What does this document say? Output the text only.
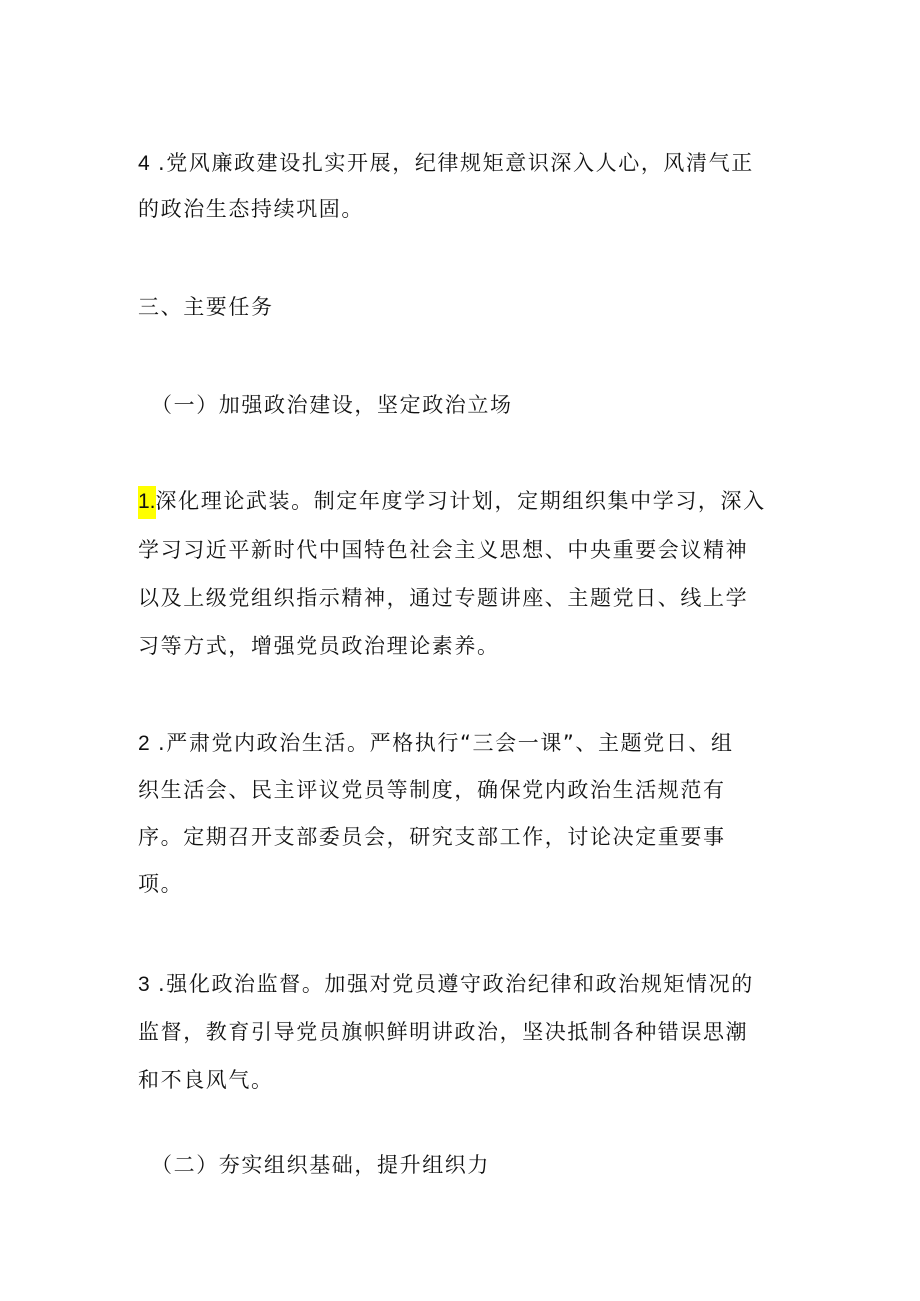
4 .党风廉政建设扎实开展，纪律规矩意识深入人心，风清气正
的政治生态持续巩固。
三、主要任务
（一）加强政治建设，坚定政治立场
1.深化理论武装。制定年度学习计划，定期组织集中学习，深入
学习习近平新时代中国特色社会主义思想、中央重要会议精神
以及上级党组织指示精神，通过专题讲座、主题党日、线上学
习等方式，增强党员政治理论素养。
2 .严肃党内政治生活。严格执行“三会一课”、主题党日、组
织生活会、民主评议党员等制度，确保党内政治生活规范有
序。定期召开支部委员会，研究支部工作，讨论决定重要事
项。
3 .强化政治监督。加强对党员遵守政治纪律和政治规矩情况的
监督，教育引导党员旗帜鲜明讲政治，坚决抵制各种错误思潮
和不良风气。
（二）夯实组织基础，提升组织力
